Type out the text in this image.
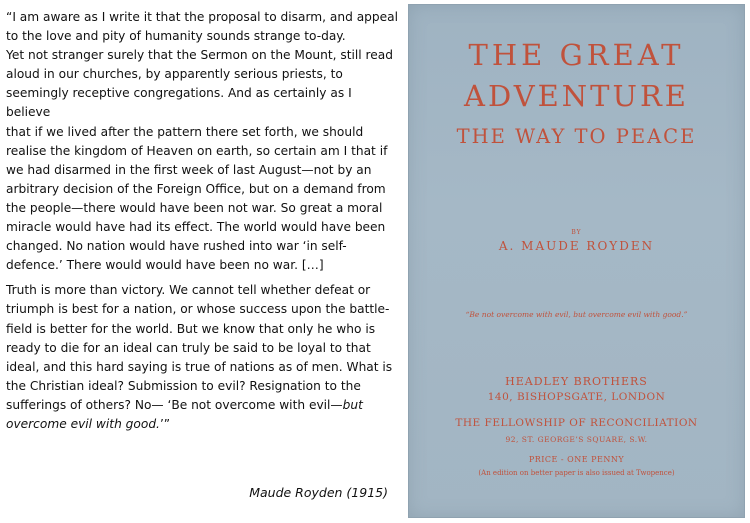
“I am aware as I write it that the proposal to disarm, and appeal
to the love and pity of humanity sounds strange to-day.
Yet not stranger surely that the Sermon on the Mount, still read
aloud in our churches, by apparently serious priests, to
seemingly receptive congregations. And as certainly as I believe
that if we lived after the pattern there set forth, we should
realise the kingdom of Heaven on earth, so certain am I that if
we had disarmed in the first week of last August—not by an
arbitrary decision of the Foreign Office, but on a demand from
the people—there would have been not war. So great a moral
miracle would have had its effect. The world would have been
changed. No nation would have rushed into war ‘in self-
defence.’ There would would have been no war. […]

Truth is more than victory. We cannot tell whether defeat or
triumph is best for a nation, or whose success upon the battle-
field is better for the world. But we know that only he who is
ready to die for an ideal can truly be said to be loyal to that
ideal, and this hard saying is true of nations as of men. What is
the Christian ideal? Submission to evil? Resignation to the
sufferings of others? No— ‘Be not overcome with evil—but
overcome evil with good.’”

Maude Royden (1915)
THE GREAT
ADVENTURE
THE WAY TO PEACE
BY
A. MAUDE ROYDEN
“Be not overcome with evil, but overcome evil with good.”
HEADLEY BROTHERS
140, BISHOPSGATE, LONDON
THE FELLOWSHIP OF RECONCILIATION
92, ST. GEORGE’S SQUARE, S.W.
PRICE - ONE PENNY
(An edition on better paper is also issued at Twopence)
